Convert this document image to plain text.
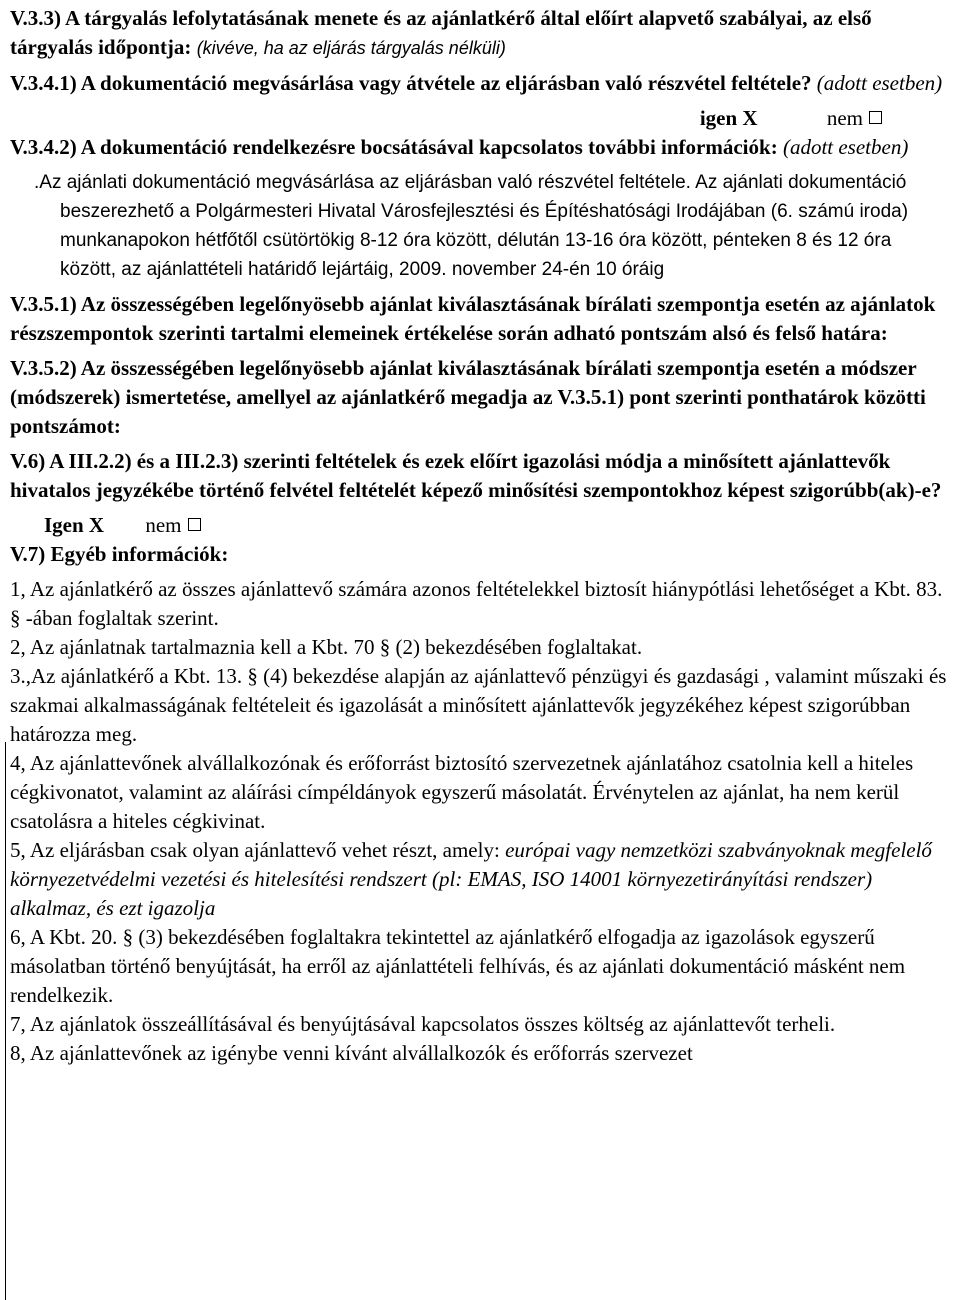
V.3.3) A tárgyalás lefolytatásának menete és az ajánlatkérő által előírt alapvető szabályai, az első tárgyalás időpontja: (kivéve, ha az eljárás tárgyalás nélküli)

V.3.4.1) A dokumentáció megvásárlása vagy átvétele az eljárásban való részvétel feltétele? (adott esetben)

igen X	nem

V.3.4.2) A dokumentáció rendelkezésre bocsátásával kapcsolatos további információk: (adott esetben)

.Az ajánlati dokumentáció megvásárlása az eljárásban való részvétel feltétele. Az ajánlati dokumentáció beszerezhető a Polgármesteri Hivatal Városfejlesztési és Építéshatósági Irodájában (6. számú iroda) munkanapokon hétfőtől csütörtökig 8-12 óra között, délután 13-16 óra között, pénteken 8 és 12 óra között, az ajánlattételi határidő lejártáig, 2009. november 24-én 10 óráig

V.3.5.1) Az összességében legelőnyösebb ajánlat kiválasztásának bírálati szempontja esetén az ajánlatok részszempontok szerinti tartalmi elemeinek értékelése során adható pontszám alsó és felső határa:

V.3.5.2) Az összességében legelőnyösebb ajánlat kiválasztásának bírálati szempontja esetén a módszer (módszerek) ismertetése, amellyel az ajánlatkérő megadja az V.3.5.1) pont szerinti ponthatárok közötti pontszámot:

V.6) A III.2.2) és a III.2.3) szerinti feltételek és ezek előírt igazolási módja a minősített ajánlattevők hivatalos jegyzékébe történő felvétel feltételét képező minősítési szempontokhoz képest szigorúbb(ak)-e?

Igen X nem

V.7) Egyéb információk:

1, Az ajánlatkérő az összes ajánlattevő számára azonos feltételekkel biztosít hiánypótlási lehetőséget a Kbt. 83. § -ában foglaltak szerint.

2, Az ajánlatnak tartalmaznia kell a Kbt. 70 § (2) bekezdésében foglaltakat.

3.,Az ajánlatkérő a Kbt. 13. § (4) bekezdése alapján az ajánlattevő pénzügyi és gazdasági , valamint műszaki és szakmai alkalmasságának feltételeit és igazolását a minősített ajánlattevők jegyzékéhez képest szigorúbban határozza meg.

4, Az ajánlattevőnek alvállalkozónak és erőforrást biztosító szervezetnek ajánlatához csatolnia kell a hiteles cégkivonatot, valamint az aláírási címpéldányok egyszerű másolatát. Érvénytelen az ajánlat, ha nem kerül csatolásra a hiteles cégkivinat.

5, Az eljárásban csak olyan ajánlattevő vehet részt, amely: európai vagy nemzetközi szabványoknak megfelelő környezetvédelmi vezetési és hitelesítési rendszert (pl: EMAS, ISO 14001 környezetirányítási rendszer) alkalmaz, és ezt igazolja

6, A Kbt. 20. § (3) bekezdésében foglaltakra tekintettel az ajánlatkérő elfogadja az igazolások egyszerű másolatban történő benyújtását, ha erről az ajánlattételi felhívás, és az ajánlati dokumentáció másként nem rendelkezik.

7, Az ajánlatok összeállításával és benyújtásával kapcsolatos összes költség az ajánlattevőt terheli.

8, Az ajánlattevőnek az igénybe venni kívánt alvállalkozók és erőforrás szervezet
